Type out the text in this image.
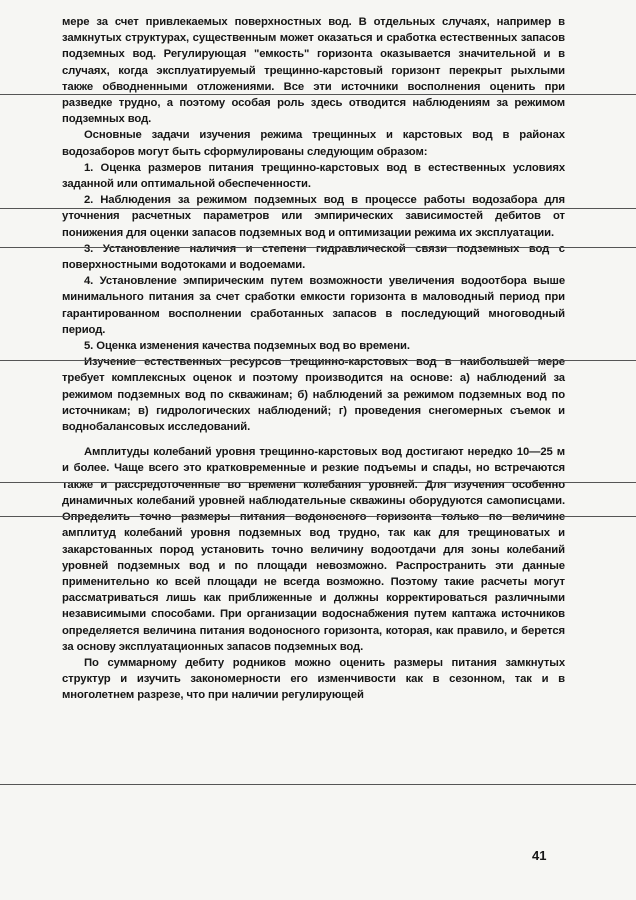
мере за счет привлекаемых поверхностных вод. В отдельных случаях, например в замкнутых структурах, существенным может оказаться и сработка естественных запасов подземных вод. Регулирующая "емкость" горизонта оказывается значительной и в случаях, когда эксплуатируемый трещинно-карстовый горизонт перекрыт рыхлыми также обводненными отложениями. Все эти источники восполнения оценить при разведке трудно, а поэтому особая роль здесь отводится наблюдениям за режимом подземных вод.

Основные задачи изучения режима трещинных и карстовых вод в районах водозаборов могут быть сформулированы следующим образом:

1. Оценка размеров питания трещинно-карстовых вод в естественных условиях заданной или оптимальной обеспеченности.

2. Наблюдения за режимом подземных вод в процессе работы водозабора для уточнения расчетных параметров или эмпирических зависимостей дебитов от понижения для оценки запасов подземных вод и оптимизации режима их эксплуатации.

3. Установление наличия и степени гидравлической связи подземных вод с поверхностными водотоками и водоемами.

4. Установление эмпирическим путем возможности увеличения водоотбора выше минимального питания за счет сработки емкости горизонта в маловодный период при гарантированном восполнении сработанных запасов в последующий многоводный период.

5. Оценка изменения качества подземных вод во времени.

Изучение естественных ресурсов трещинно-карстовых вод в наибольшей мере требует комплексных оценок и поэтому производится на основе: а) наблюдений за режимом подземных вод по скважинам; б) наблюдений за режимом подземных вод по источникам; в) гидрологических наблюдений; г) проведения снегомерных съемок и воднобалансовых исследований.

Амплитуды колебаний уровня трещинно-карстовых вод достигают нередко 10—25 м и более. Чаще всего это кратковременные и резкие подъемы и спады, но встречаются также и рассредоточенные во времени колебания уровней. Для изучения особенно динамичных колебаний уровней наблюдательные скважины оборудуются самописцами. Определить точно размеры питания водоносного горизонта только по величине амплитуд колебаний уровня подземных вод трудно, так как для трещиноватых и закарстованных пород установить точно величину водоотдачи для зоны колебаний уровней подземных вод и по площади невозможно. Распространить эти данные применительно ко всей площади не всегда возможно. Поэтому такие расчеты могут рассматриваться лишь как приближенные и должны корректироваться различными независимыми способами. При организации водоснабжения путем каптажа источников определяется величина питания водоносного горизонта, которая, как правило, и берется за основу эксплуатационных запасов подземных вод.

По суммарному дебиту родников можно оценить размеры питания замкнутых структур и изучить закономерности его изменчивости как в сезонном, так и в многолетнем разрезе, что при наличии регулирующей

41
